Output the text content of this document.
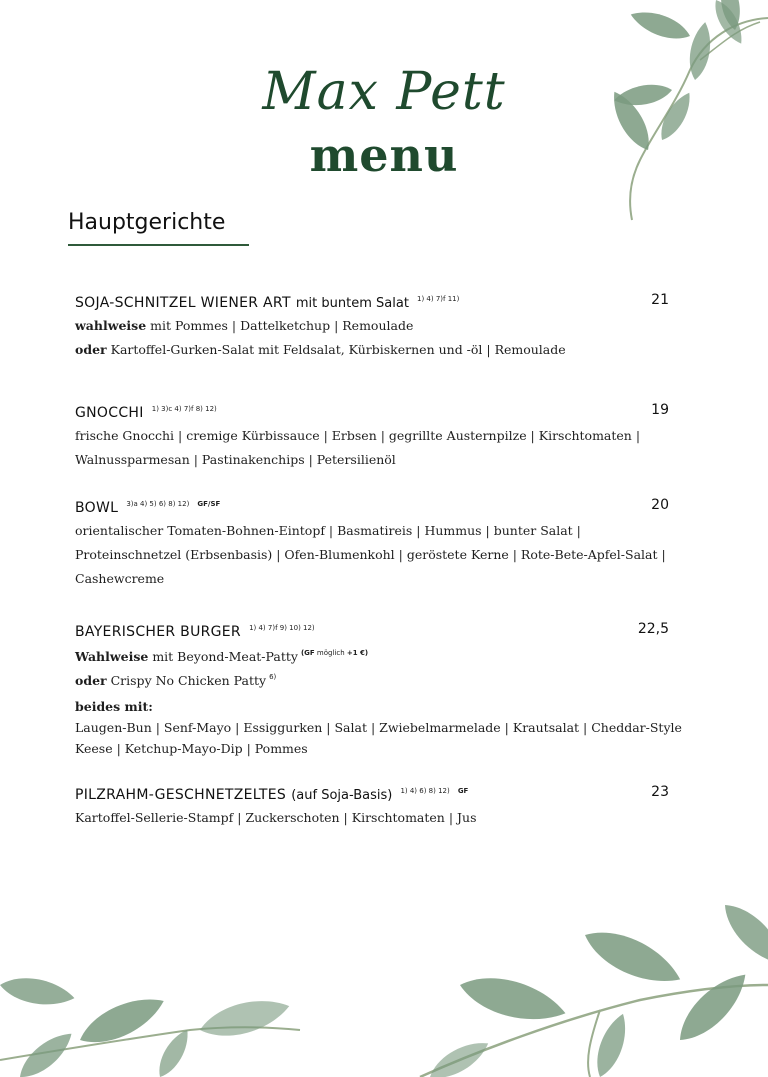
Max Pett
menu
Hauptgerichte
SOJA-SCHNITZEL WIENER ART mit buntem Salat $^{1) 4) 7)f 11)}$	21
wahlweise mit Pommes | Dattelketchup | Remoulade
oder Kartoffel-Gurken-Salat mit Feldsalat, Kürbiskernen und -öl | Remoulade
GNOCCHI $^{1) 3)c 4) 7)f 8) 12)}$	19
frische Gnocchi | cremige Kürbissauce | Erbsen | gegrillte Austernpilze | Kirschtomaten |
Walnussparmesan | Pastinakenchips | Petersilienöl
BOWL $^{3)a 4) 5) 6) 8) 12)}$ $^{GF/SF}$	20
orientalischer Tomaten-Bohnen-Eintopf | Basmatireis | Hummus | bunter Salat |
Proteinschnetzel (Erbsenbasis) | Ofen-Blumenkohl | geröstete Kerne | Rote-Bete-Apfel-Salat |
Cashewcreme
BAYERISCHER BURGER $^{1) 4) 7)f 9) 10) 12)}$	22,5
Wahlweise mit Beyond-Meat-Patty $^{(GF möglich +1 €)}$
oder Crispy No Chicken Patty $^{6)}$
beides mit:
Laugen-Bun | Senf-Mayo | Essiggurken | Salat | Zwiebelmarmelade | Krautsalat | Cheddar-Style
Keese | Ketchup-Mayo-Dip | Pommes
PILZRAHM-GESCHNETZELTES (auf Soja-Basis) $^{1) 4) 6) 8) 12)}$ $^{GF}$	23
Kartoffel-Sellerie-Stampf | Zuckerschoten | Kirschtomaten | Jus
